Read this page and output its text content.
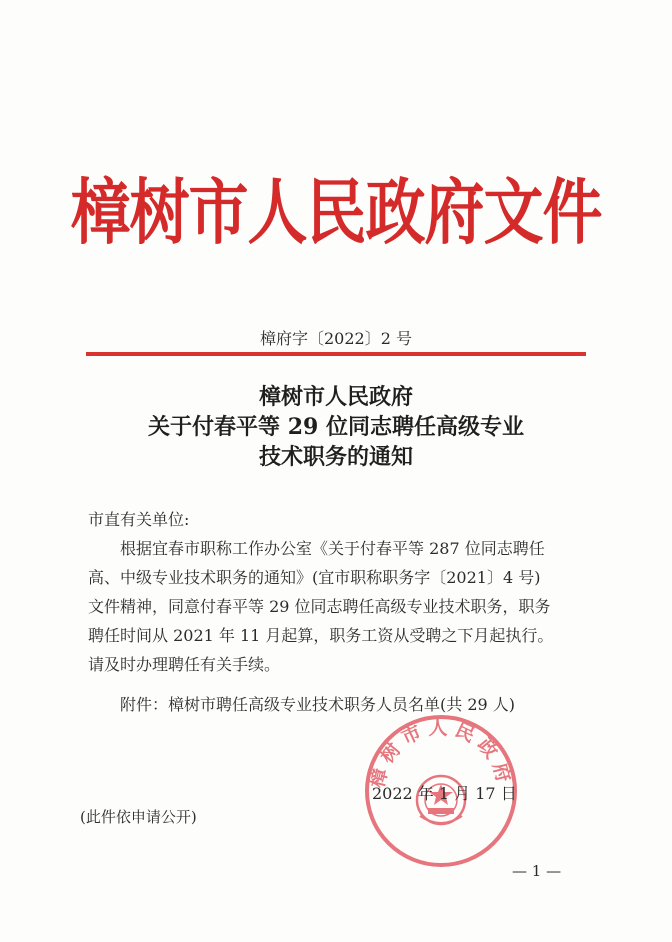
樟树市人民政府文件
樟府字〔2022〕2 号
樟树市人民政府
关于付春平等 29 位同志聘任高级专业
技术职务的通知
市直有关单位:
根据宜春市职称工作办公室《关于付春平等 287 位同志聘任
高、中级专业技术职务的通知》(宜市职称职务字〔2021〕4 号)
文件精神，同意付春平等 29 位同志聘任高级专业技术职务，职务
聘任时间从 2021 年 11 月起算，职务工资从受聘之下月起执行。
请及时办理聘任有关手续。
附件：樟树市聘任高级专业技术职务人员名单(共 29 人)
樟树市人民政府
2022 年 1 月 17 日
(此件依申请公开)
— 1 —
